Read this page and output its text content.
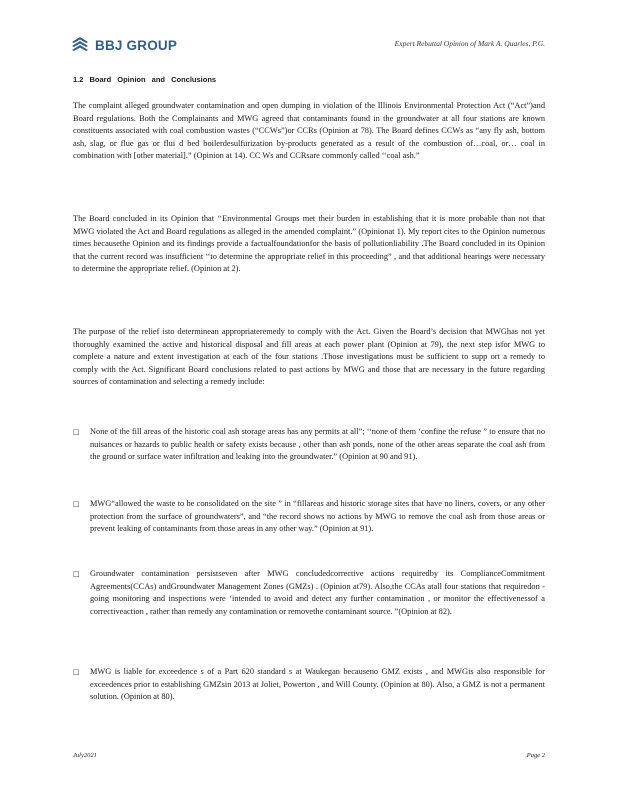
BBJ GROUP	Expert Rebuttal Opinion of Mark A. Quarles, P.G.
1.2 Board Opinion and Conclusions

The complaint alleged groundwater contamination and open dumping in violation of the Illinois Environmental Protection Act (“Act”)and Board regulations. Both the Complainants and MWG agreed that contaminants found in the groundwater at all four stations are known constituents associated with coal combustion wastes (“CCWs”)or CCRs (Opinion at 78). The Board defines CCWs as “any fly ash, bottom ash, slag, or flue gas or flui d bed boilerdesulfurization by-products generated as a result of the combustion of…coal, or… coal in combination with [other material].” (Opinion at 14). CC Ws and CCRsare commonly called ‘‘coal ash.”

The Board concluded in its Opinion that ‘‘Environmental Groups met their burden in establishing that it is more probable than not that MWG violated the Act and Board regulations as alleged in the amended complaint.” (Opinionat 1). My report cites to the Opinion numerous times becausethe Opinion and its findings provide a factualfoundationfor the basis of pollutionliability .The Board concluded in its Opinion that the current record was insufficient ‘‘to determine the appropriate relief in this proceeding” , and that additional hearings were necessary to determine the appropriate relief. (Opinion at 2).

The purpose of the relief isto determinean appropriateremedy to comply with the Act. Given the Board’s decision that MWGhas not yet thoroughly examined the active and historical disposal and fill areas at each power plant (Opinion at 79), the next step isfor MWG to complete a nature and extent investigation at each of the four stations .Those investigations must be sufficient to supp ort a remedy to comply with the Act. Significant Board conclusions related to past actions by MWG and those that are necessary in the future regarding sources of contamination and selecting a remedy include:

□	None of the fill areas of the historic coal ash storage areas has any permits at all”; ‘‘none of them ‘confine the refuse ” to ensure that no nuisances or hazards to public health or safety exists because , other than ash ponds, none of the other areas separate the coal ash from the ground or surface water infiltration and leaking into the groundwater.” (Opinion at 90 and 91).
□	MWG“allowed the waste to be consolidated on the site ” in “fillareas and historic storage sites that have no liners, covers, or any other protection from the surface of groundwaters”, and “the record shows no actions by MWG to remove the coal ash from those areas or prevent leaking of contaminants from those areas in any other way.” (Opinion at 91).
□	Groundwater contamination persistseven after MWG concludedcorrective actions requiredby its ComplianceCommitment Agreements(CCAs) andGroundwater Management Zones (GMZs) . (Opinion at79). Also,the CCAs atall four stations that requiredon - going monitoring and inspections were ‘intended to avoid and detect any further contamination , or monitor the effectivenessof a correctiveaction , rather than remedy any contamination or removethe contaminant source. ”(Opinion at 82).
□	MWG is liable for exceedence s of a Part 620 standard s at Waukegan becauseno GMZ exists , and MWGis also responsible for exceedences prior to establishing GMZsin 2013 at Joliet, Powerton , and Will County. (Opinion at 80). Also, a GMZ is not a permanent solution. (Opinion at 80).
July2021	Page 2
